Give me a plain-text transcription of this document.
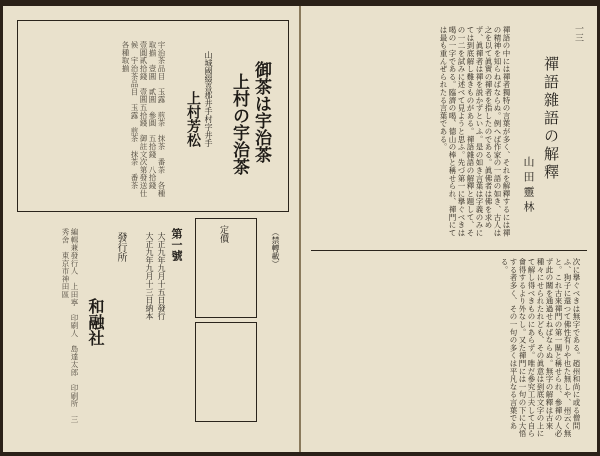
宇治茶品目　玉露　煎茶　抹茶　番茶　各種取揃　壹圓　貳圓　參圓　五拾錢　八拾錢　壹圓貳拾錢　壹圓五拾錢　御註文次第發送仕候　宇治茶品目　玉露　煎茶　抹茶　番茶　各種取揃
御茶は宇治茶
上村の宇治茶
上村芳松 山城國綴喜郡井手村字井手
（禁轉載）
定價
第一號
大正九年九月十五日發行
大正九年九月十三日納本
發行所
和融社
編輯兼發行人　上田寧　印刷人　島達太郎　印刷所　三秀舍　東京市神田區
一三
禪語雜語の解釋
山田靈林
禪語の中には禪者獨特の言葉が多く、それを解釋するには禪の精神を知らねばならぬ。例へば作家の一語の如き、古人は之を以て眞實の禪者を指したのである。眞佛者は佛を求めず、眞禪者は禪を説かずといふ。是の如き言葉は字義のみにては到底解し難きものがある。禪語雜語の解釋と題して、その一二を試みに述べて見ようと思ふ。先づ第一に擧ぐべきは喝の一字である。臨濟の喝、德山の棒と稱せられ、禪門にては最も重んぜられたる言葉である。
次に擧ぐべきは無字である。趙州和尚に或る僧問ふ、狗子に還つて佛性有りや也た無しや、州云く無と。これ古來禪門の第一關と稱せられ、參禪の人必ず此の關を通過せねばならぬ。無字の解釋は古來種々にせられたれども、その眞意は到底文字の上にて解し得べきものにあらず。唯だ參究工夫して自ら會得するより外なし。又た禪門には一句の下に大悟する者多く、その一句の多くは平凡なる言葉である。
